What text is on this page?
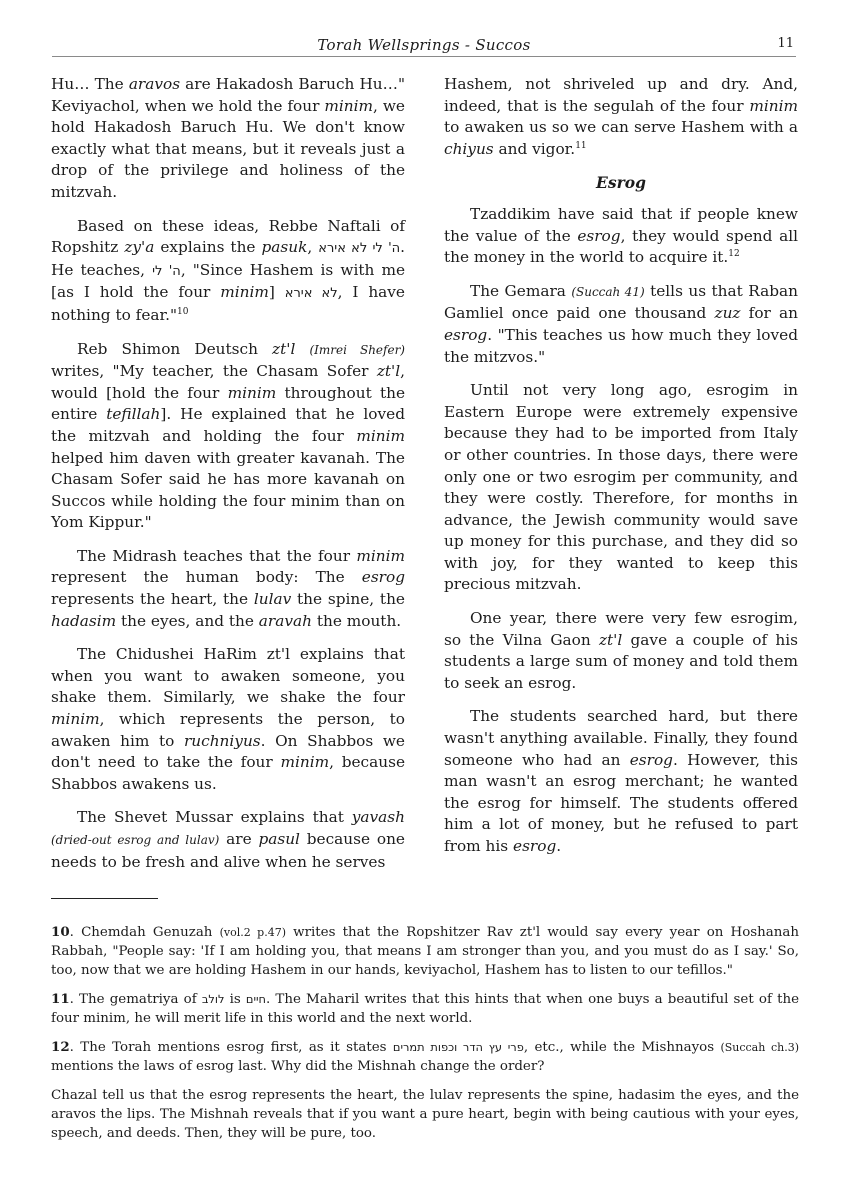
Torah Wellsprings - Succos	11

Hu… The aravos are Hakadosh Baruch Hu…" Keviyachol, when we hold the four minim, we hold Hakadosh Baruch Hu. We don't know exactly what that means, but it reveals just a drop of the privilege and holiness of the mitzvah.

Based on these ideas, Rebbe Naftali of Ropshitz zy'a explains the pasuk, ה' לי לא אירא. He teaches, ה' לי, "Since Hashem is with me [as I hold the four minim] לא אירא, I have nothing to fear."$^{10}$

Reb Shimon Deutsch zt'l (Imrei Shefer) writes, "My teacher, the Chasam Sofer zt'l, would [hold the four minim throughout the entire tefillah]. He explained that he loved the mitzvah and holding the four minim helped him daven with greater kavanah. The Chasam Sofer said he has more kavanah on Succos while holding the four minim than on Yom Kippur."

The Midrash teaches that the four minim represent the human body: The esrog represents the heart, the lulav the spine, the hadasim the eyes, and the aravah the mouth.

The Chidushei HaRim zt'l explains that when you want to awaken someone, you shake them. Similarly, we shake the four minim, which represents the person, to awaken him to ruchniyus. On Shabbos we don't need to take the four minim, because Shabbos awakens us.

The Shevet Mussar explains that yavash (dried-out esrog and lulav) are pasul because one needs to be fresh and alive when he serves

Hashem, not shriveled up and dry. And, indeed, that is the segulah of the four minim to awaken us so we can serve Hashem with a chiyus and vigor.$^{11}$

Esrog

Tzaddikim have said that if people knew the value of the esrog, they would spend all the money in the world to acquire it.$^{12}$

The Gemara (Succah 41) tells us that Raban Gamliel once paid one thousand zuz for an esrog. "This teaches us how much they loved the mitzvos."

Until not very long ago, esrogim in Eastern Europe were extremely expensive because they had to be imported from Italy or other countries. In those days, there were only one or two esrogim per community, and they were costly. Therefore, for months in advance, the Jewish community would save up money for this purchase, and they did so with joy, for they wanted to keep this precious mitzvah.

One year, there were very few esrogim, so the Vilna Gaon zt'l gave a couple of his students a large sum of money and told them to seek an esrog.

The students searched hard, but there wasn't anything available. Finally, they found someone who had an esrog. However, this man wasn't an esrog merchant; he wanted the esrog for himself. The students offered him a lot of money, but he refused to part from his esrog.

10. Chemdah Genuzah (vol.2 p.47) writes that the Ropshitzer Rav zt'l would say every year on Hoshanah Rabbah, "People say: 'If I am holding you, that means I am stronger than you, and you must do as I say.' So, too, now that we are holding Hashem in our hands, keviyachol, Hashem has to listen to our tefillos."

11. The gematriya of לולב is חיים. The Maharil writes that this hints that when one buys a beautiful set of the four minim, he will merit life in this world and the next world.

12. The Torah mentions esrog first, as it states פרי עץ הדר וכפות תמרים, etc., while the Mishnayos (Succah ch.3) mentions the laws of esrog last. Why did the Mishnah change the order?

Chazal tell us that the esrog represents the heart, the lulav represents the spine, hadasim the eyes, and the aravos the lips. The Mishnah reveals that if you want a pure heart, begin with being cautious with your eyes, speech, and deeds. Then, they will be pure, too.
